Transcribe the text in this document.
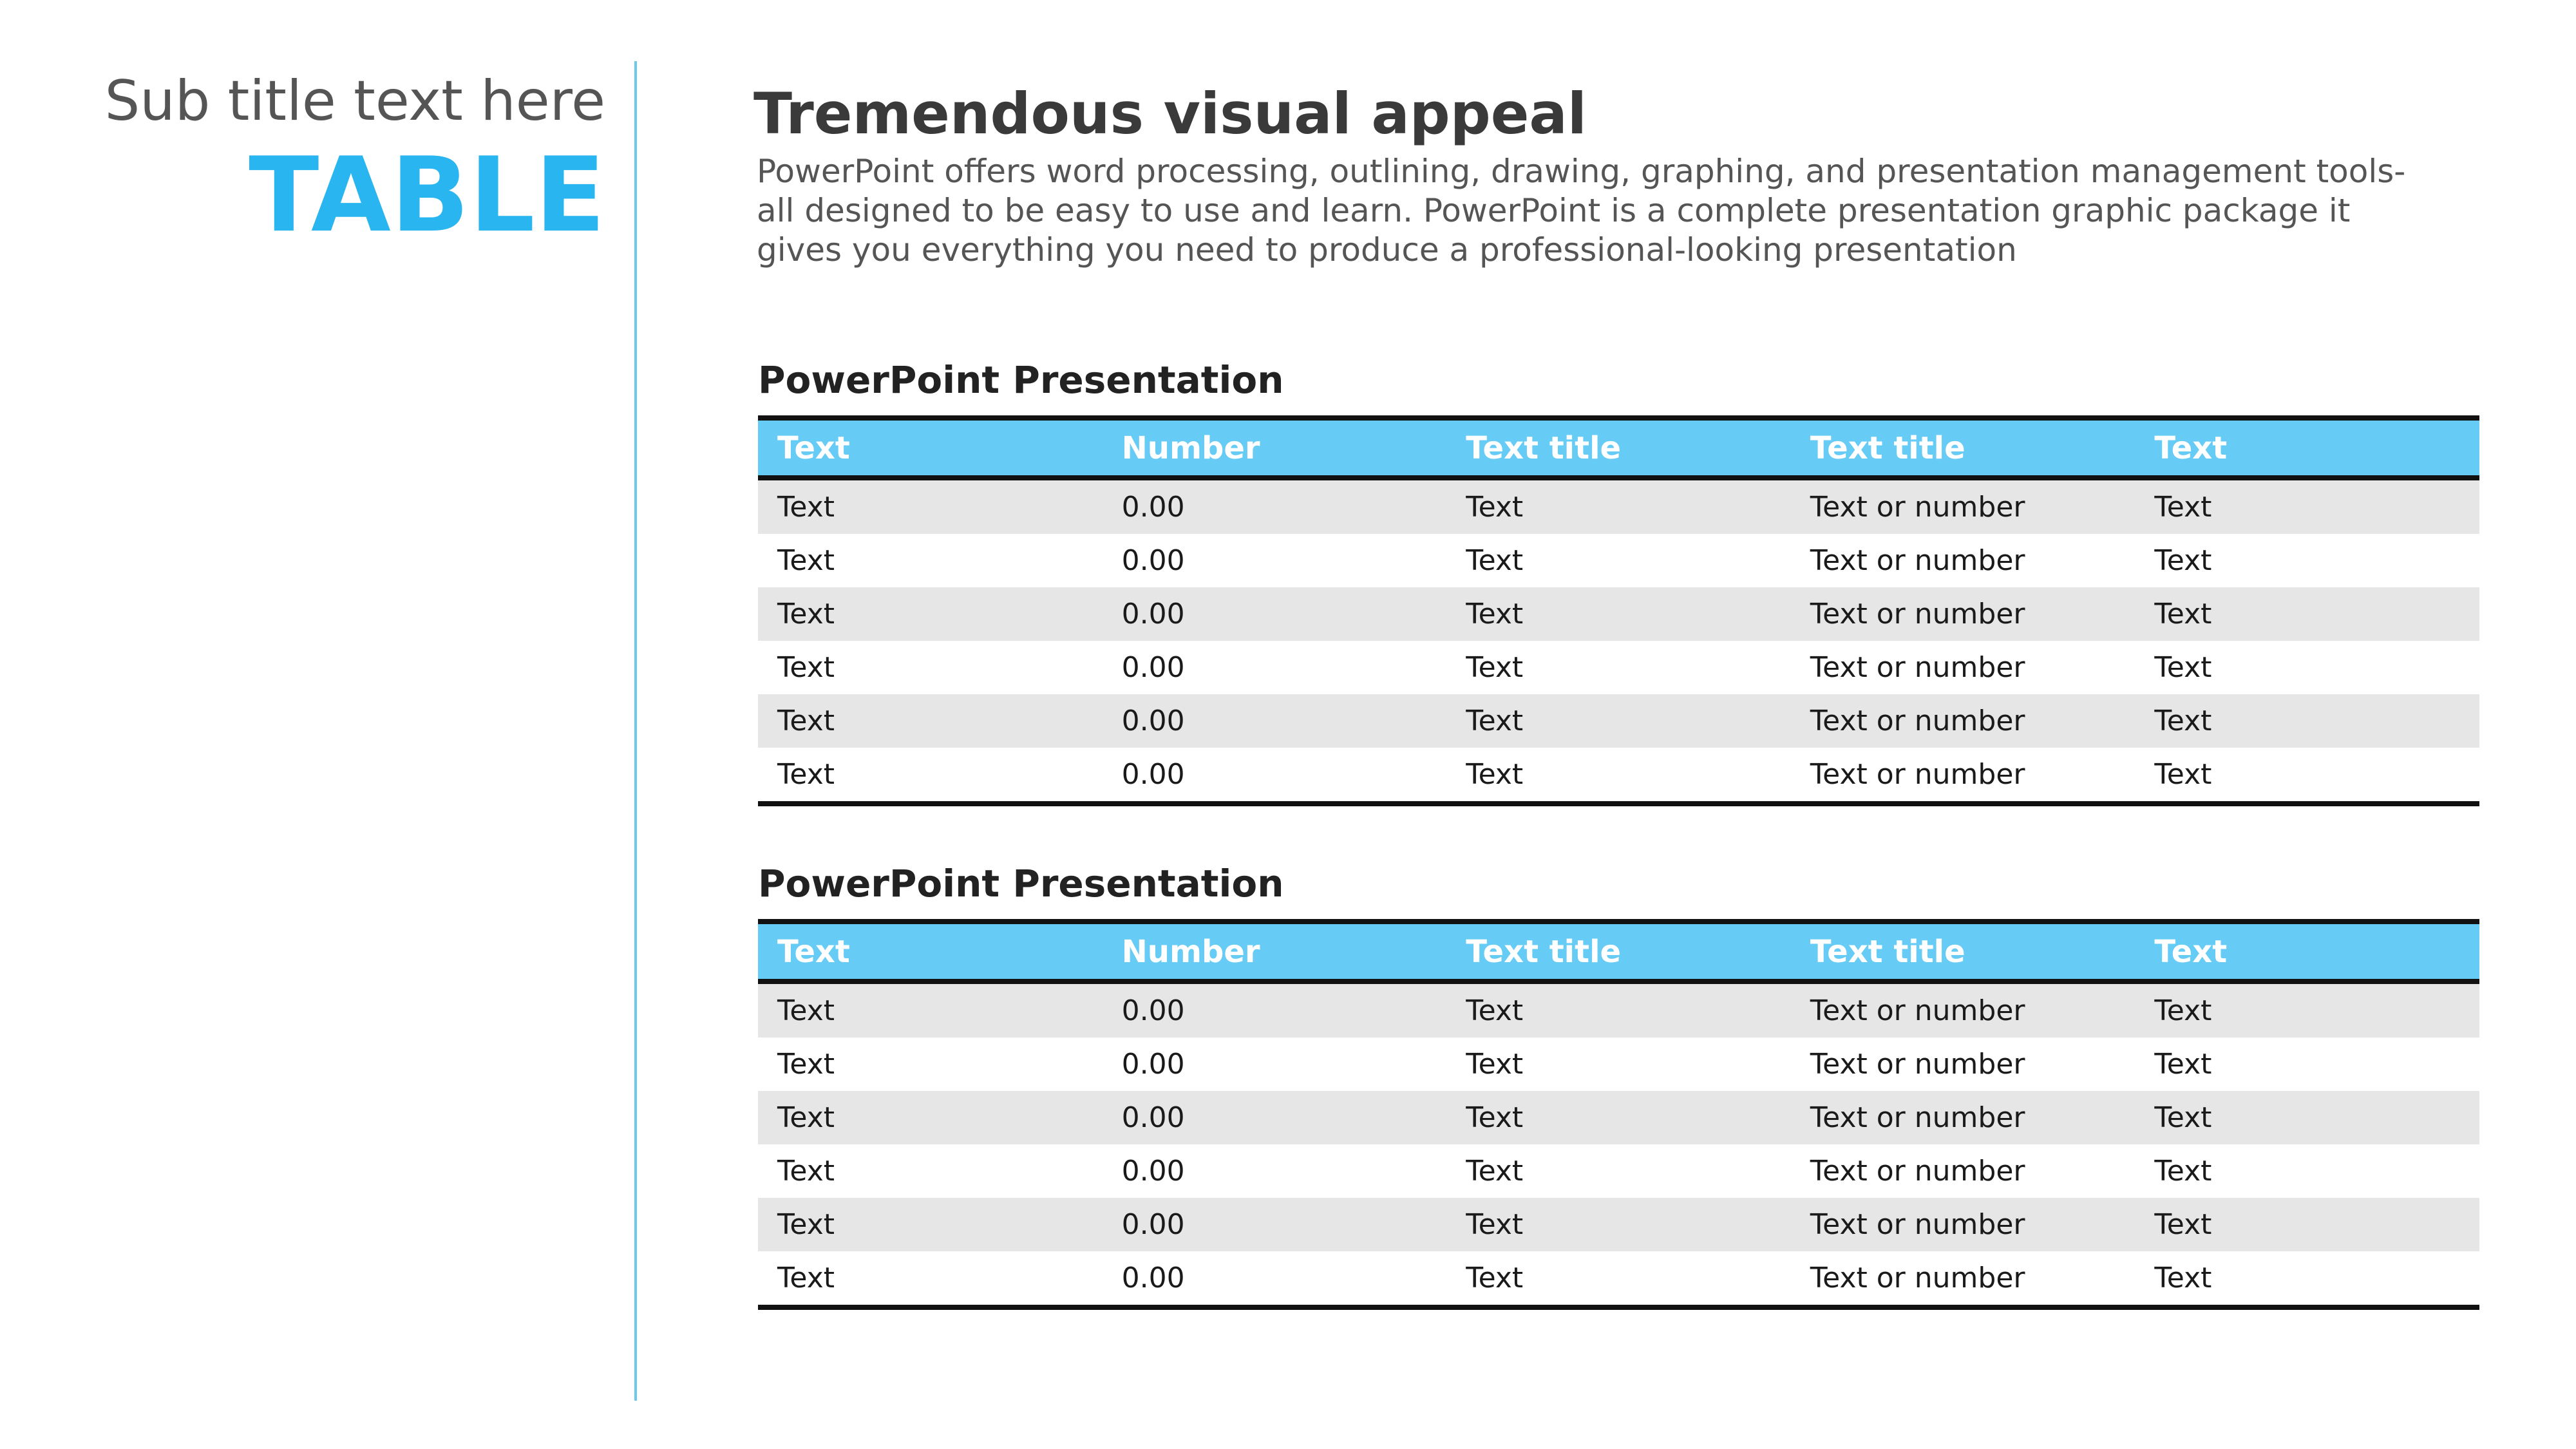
Sub title text here
TABLE
Tremendous visual appeal
PowerPoint offers word processing, outlining, drawing, graphing, and presentation management tools- all designed to be easy to use and learn. PowerPoint is a complete presentation graphic package it gives you everything you need to produce a professional-looking presentation
PowerPoint Presentation
Text	Number	Text title	Text title	Text
Text	0.00	Text	Text or number	Text
Text	0.00	Text	Text or number	Text
Text	0.00	Text	Text or number	Text
Text	0.00	Text	Text or number	Text
Text	0.00	Text	Text or number	Text
Text	0.00	Text	Text or number	Text
PowerPoint Presentation
Text	Number	Text title	Text title	Text
Text	0.00	Text	Text or number	Text
Text	0.00	Text	Text or number	Text
Text	0.00	Text	Text or number	Text
Text	0.00	Text	Text or number	Text
Text	0.00	Text	Text or number	Text
Text	0.00	Text	Text or number	Text
